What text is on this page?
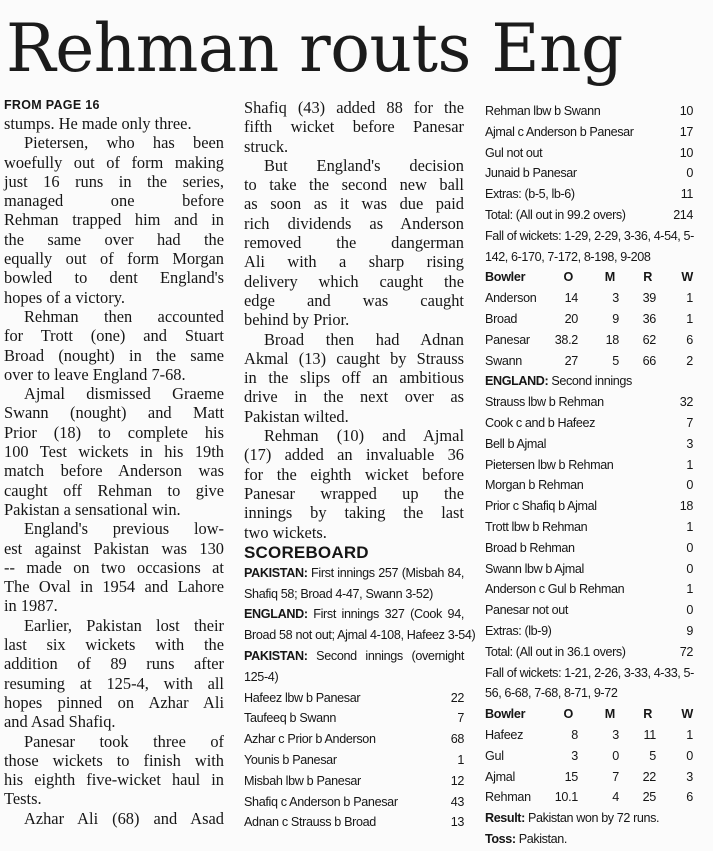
Rehman routs Eng
FROM PAGE 16
stumps. He made only three.
Pietersen, who has been
woefully out of form making
just 16 runs in the series,
managed one before
Rehman trapped him and in
the same over had the
equally out of form Morgan
bowled to dent England's
hopes of a victory.
Rehman then accounted
for Trott (one) and Stuart
Broad (nought) in the same
over to leave England 7-68.
Ajmal dismissed Graeme
Swann (nought) and Matt
Prior (18) to complete his
100 Test wickets in his 19th
match before Anderson was
caught off Rehman to give
Pakistan a sensational win.
England's previous low-
est against Pakistan was 130
-- made on two occasions at
The Oval in 1954 and Lahore
in 1987.
Earlier, Pakistan lost their
last six wickets with the
addition of 89 runs after
resuming at 125-4, with all
hopes pinned on Azhar Ali
and Asad Shafiq.
Panesar took three of
those wickets to finish with
his eighth five-wicket haul in
Tests.
Azhar Ali (68) and Asad
Shafiq (43) added 88 for the
fifth wicket before Panesar
struck.
But England's decision
to take the second new ball
as soon as it was due paid
rich dividends as Anderson
removed the dangerman
Ali with a sharp rising
delivery which caught the
edge and was caught
behind by Prior.
Broad then had Adnan
Akmal (13) caught by Strauss
in the slips off an ambitious
drive in the next over as
Pakistan wilted.
Rehman (10) and Ajmal
(17) added an invaluable 36
for the eighth wicket before
Panesar wrapped up the
innings by taking the last
two wickets.
SCOREBOARD
PAKISTAN: First innings 257 (Misbah 84,
Shafiq 58; Broad 4-47, Swann 3-52)
ENGLAND: First innings 327 (Cook 94,
Broad 58 not out; Ajmal 4-108, Hafeez 3-54)
PAKISTAN: Second innings (overnight
125-4)
Hafeez lbw b Panesar	22
Taufeeq b Swann	7
Azhar c Prior b Anderson	68
Younis b Panesar	1
Misbah lbw b Panesar	12
Shafiq c Anderson b Panesar	43
Adnan c Strauss b Broad	13
Rehman lbw b Swann	10
Ajmal c Anderson b Panesar	17
Gul not out	10
Junaid b Panesar	0
Extras: (b-5, lb-6)	11
Total: (All out in 99.2 overs)	214
Fall of wickets: 1-29, 2-29, 3-36, 4-54, 5-
142, 6-170, 7-172, 8-198, 9-208
Bowler	O	M R W
Anderson 14	3 39 1
Broad	20	9 36 1
Panesar 38.2 18 62 6
Swann	27	5 66 2
ENGLAND: Second innings
Strauss lbw b Rehman	32
Cook c and b Hafeez	7
Bell b Ajmal	3
Pietersen lbw b Rehman	1
Morgan b Rehman	0
Prior c Shafiq b Ajmal	18
Trott lbw b Rehman	1
Broad b Rehman	0
Swann lbw b Ajmal	0
Anderson c Gul b Rehman	1
Panesar not out	0
Extras: (lb-9)	9
Total: (All out in 36.1 overs)	72
Fall of wickets: 1-21, 2-26, 3-33, 4-33, 5-
56, 6-68, 7-68, 8-71, 9-72
Bowler	O	M R W
Hafeez	8	3 11 1
Gul	3	0 5 0
Ajmal	15	7 22 3
Rehman 10.1	4 25 6
Result: Pakistan won by 72 runs.
Toss: Pakistan.
